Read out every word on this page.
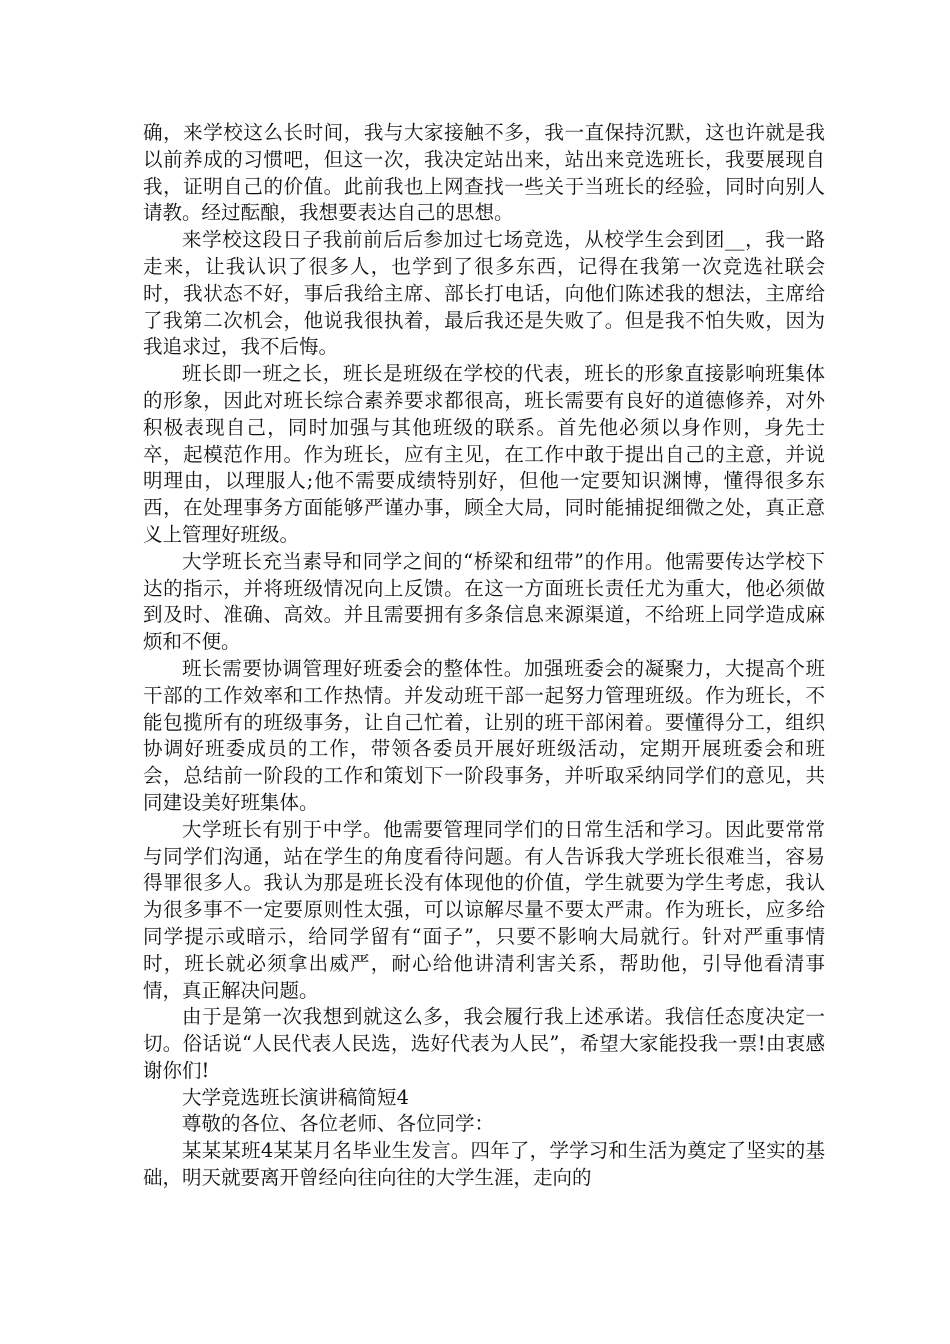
确，来学校这么长时间，我与大家接触不多，我一直保持沉默，这也许就是我以前养成的习惯吧，但这一次，我决定站出来，站出来竞选班长，我要展现自我，证明自己的价值。此前我也上网查找一些关于当班长的经验，同时向别人请教。经过酝酿，我想要表达自己的思想。

来学校这段日子我前前后后参加过七场竞选，从校学生会到团__，我一路走来，让我认识了很多人，也学到了很多东西，记得在我第一次竞选社联会时，我状态不好，事后我给主席、部长打电话，向他们陈述我的想法，主席给了我第二次机会，他说我很执着，最后我还是失败了。但是我不怕失败，因为我追求过，我不后悔。

班长即一班之长，班长是班级在学校的代表，班长的形象直接影响班集体的形象，因此对班长综合素养要求都很高，班长需要有良好的道德修养，对外积极表现自己，同时加强与其他班级的联系。首先他必须以身作则，身先士卒，起模范作用。作为班长，应有主见，在工作中敢于提出自己的主意，并说明理由，以理服人;他不需要成绩特别好，但他一定要知识渊博，懂得很多东西，在处理事务方面能够严谨办事，顾全大局，同时能捕捉细微之处，真正意义上管理好班级。

大学班长充当素导和同学之间的“桥梁和纽带”的作用。他需要传达学校下达的指示，并将班级情况向上反馈。在这一方面班长责任尤为重大，他必须做到及时、准确、高效。并且需要拥有多条信息来源渠道，不给班上同学造成麻烦和不便。

班长需要协调管理好班委会的整体性。加强班委会的凝聚力，大提高个班干部的工作效率和工作热情。并发动班干部一起努力管理班级。作为班长，不能包揽所有的班级事务，让自己忙着，让别的班干部闲着。要懂得分工，组织协调好班委成员的工作，带领各委员开展好班级活动，定期开展班委会和班会，总结前一阶段的工作和策划下一阶段事务，并听取采纳同学们的意见，共同建设美好班集体。

大学班长有别于中学。他需要管理同学们的日常生活和学习。因此要常常与同学们沟通，站在学生的角度看待问题。有人告诉我大学班长很难当，容易得罪很多人。我认为那是班长没有体现他的价值，学生就要为学生考虑，我认为很多事不一定要原则性太强，可以谅解尽量不要太严肃。作为班长，应多给同学提示或暗示，给同学留有“面子”，只要不影响大局就行。针对严重事情时，班长就必须拿出威严，耐心给他讲清利害关系，帮助他，引导他看清事情，真正解决问题。

由于是第一次我想到就这么多，我会履行我上述承诺。我信任态度决定一切。俗话说“人民代表人民选，选好代表为人民”，希望大家能投我一票!由衷感谢你们!

大学竞选班长演讲稿简短4

尊敬的各位、各位老师、各位同学：

某某某班4某某月名毕业生发言。四年了，学学习和生活为奠定了坚实的基础，明天就要离开曾经向往向往的大学生涯，走向的
